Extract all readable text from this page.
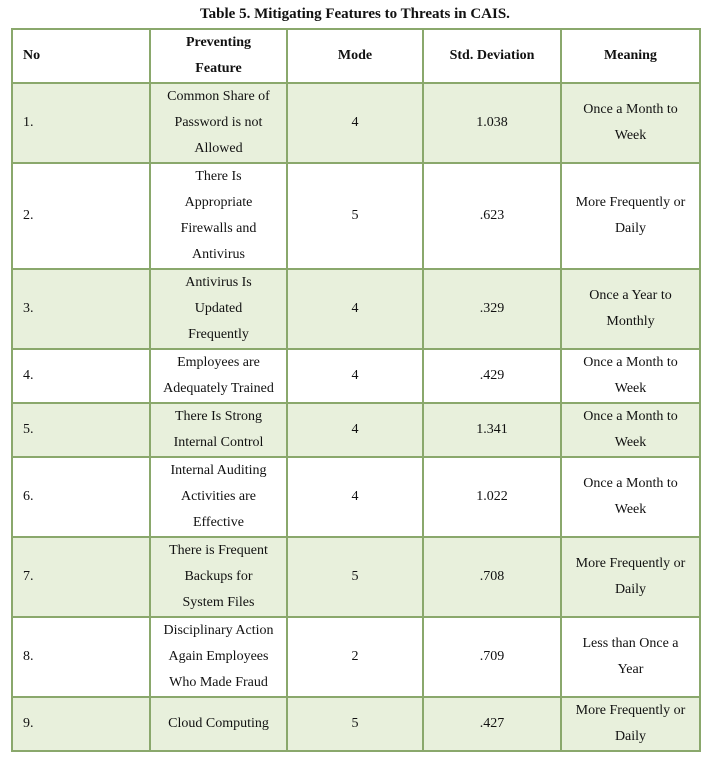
Table 5. Mitigating Features to Threats in CAIS.
No	Preventing
Feature	Mode	Std. Deviation	Meaning
1.	Common Share of
Password is not
Allowed	4	1.038	Once a Month to
Week
2.	There Is
Appropriate
Firewalls and
Antivirus	5	.623	More Frequently or
Daily
3.	Antivirus Is
Updated
Frequently	4	.329	Once a Year to
Monthly
4.	Employees are
Adequately Trained	4	.429	Once a Month to
Week
5.	There Is Strong
Internal Control	4	1.341	Once a Month to
Week
6.	Internal Auditing
Activities are
Effective	4	1.022	Once a Month to
Week
7.	There is Frequent
Backups for
System Files	5	.708	More Frequently or
Daily
8.	Disciplinary Action
Again Employees
Who Made Fraud	2	.709	Less than Once a
Year
9.	Cloud Computing	5	.427	More Frequently or
Daily
